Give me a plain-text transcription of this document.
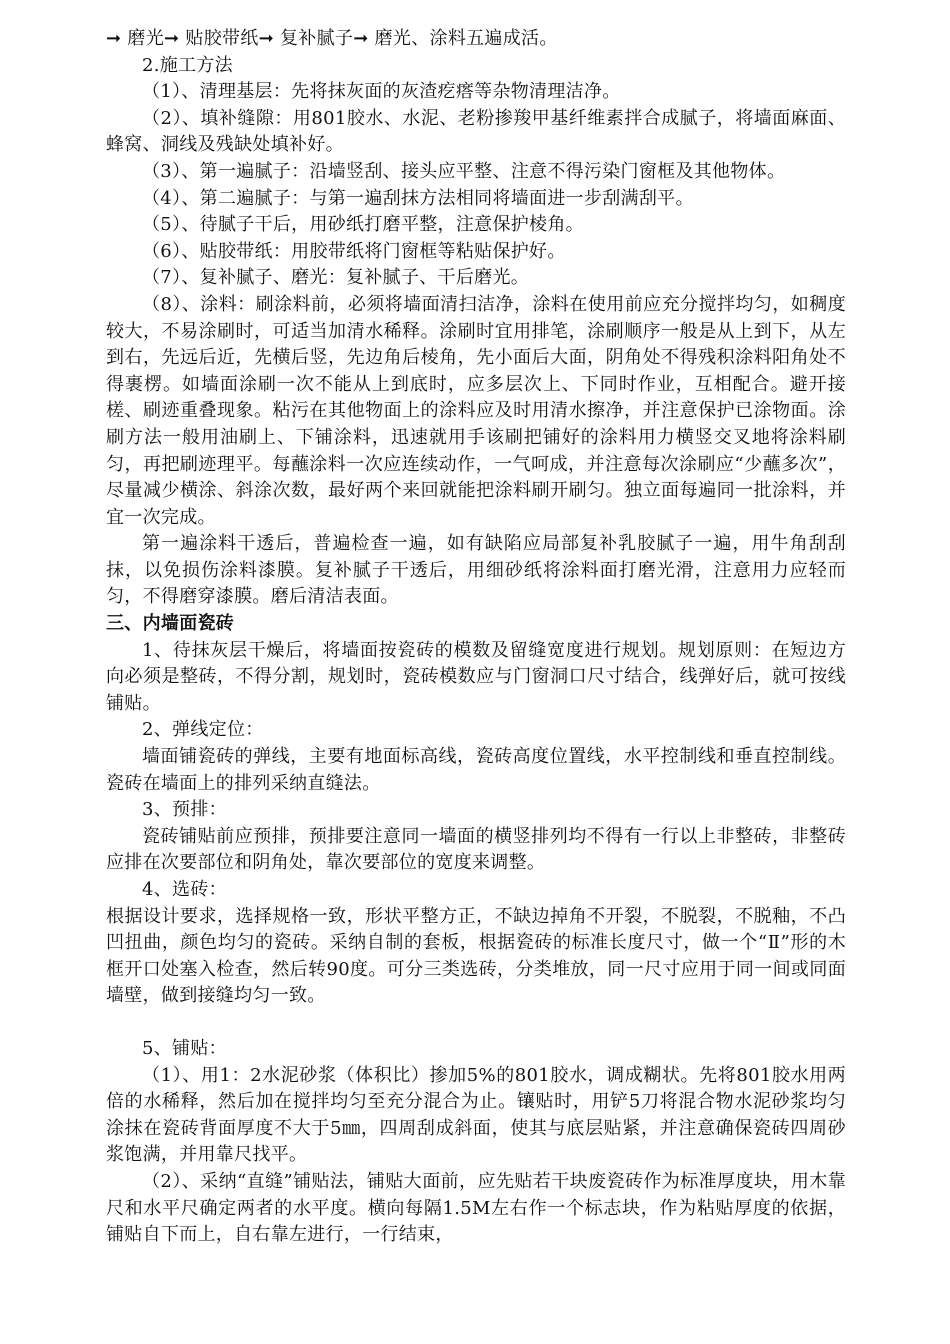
➞ 磨光➞ 贴胶带纸➞ 复补腻子➞ 磨光、涂料五遍成活。

2.施工方法

（1）、清理基层：先将抹灰面的灰渣疙瘩等杂物清理洁净。

（2）、填补缝隙：用801胶水、水泥、老粉掺羧甲基纤维素拌合成腻子，将墙面麻面、蜂窝、洞线及残缺处填补好。

（3）、第一遍腻子：沿墙竖刮、接头应平整、注意不得污染门窗框及其他物体。

（4）、第二遍腻子：与第一遍刮抹方法相同将墙面进一步刮满刮平。

（5）、待腻子干后，用砂纸打磨平整，注意保护棱角。

（6）、贴胶带纸：用胶带纸将门窗框等粘贴保护好。

（7）、复补腻子、磨光：复补腻子、干后磨光。

（8）、涂料：刷涂料前，必须将墙面清扫洁净，涂料在使用前应充分搅拌均匀，如稠度较大，不易涂刷时，可适当加清水稀释。涂刷时宜用排笔，涂刷顺序一般是从上到下，从左到右，先远后近，先横后竖，先边角后棱角，先小面后大面，阴角处不得残积涂料阳角处不得裹楞。如墙面涂刷一次不能从上到底时，应多层次上、下同时作业，互相配合。避开接槎、刷迹重叠现象。粘污在其他物面上的涂料应及时用清水擦净，并注意保护已涂物面。涂刷方法一般用油刷上、下铺涂料，迅速就用手该刷把铺好的涂料用力横竖交叉地将涂料刷匀，再把刷迹理平。每蘸涂料一次应连续动作，一气呵成，并注意每次涂刷应“少蘸多次”，尽量减少横涂、斜涂次数，最好两个来回就能把涂料刷开刷匀。独立面每遍同一批涂料，并宜一次完成。

第一遍涂料干透后，普遍检查一遍，如有缺陷应局部复补乳胶腻子一遍，用牛角刮刮抹，以免损伤涂料漆膜。复补腻子干透后，用细砂纸将涂料面打磨光滑，注意用力应轻而匀，不得磨穿漆膜。磨后清洁表面。

三、内墙面瓷砖

1、待抹灰层干燥后，将墙面按瓷砖的模数及留缝宽度进行规划。规划原则：在短边方向必须是整砖，不得分割，规划时，瓷砖模数应与门窗洞口尺寸结合，线弹好后，就可按线铺贴。

2、弹线定位：

墙面铺瓷砖的弹线，主要有地面标高线，瓷砖高度位置线，水平控制线和垂直控制线。瓷砖在墙面上的排列采纳直缝法。

3、预排：

瓷砖铺贴前应预排，预排要注意同一墙面的横竖排列均不得有一行以上非整砖，非整砖应排在次要部位和阴角处，靠次要部位的宽度来调整。

4、选砖：

根据设计要求，选择规格一致，形状平整方正，不缺边掉角不开裂，不脱裂，不脱釉，不凸凹扭曲，颜色均匀的瓷砖。采纳自制的套板，根据瓷砖的标准长度尺寸，做一个“Ⅱ”形的木框开口处塞入检查，然后转90度。可分三类选砖，分类堆放，同一尺寸应用于同一间或同面墙壁，做到接缝均匀一致。

5、铺贴：

（1）、用1：2水泥砂浆（体积比）掺加5%的801胶水，调成糊状。先将801胶水用两倍的水稀释，然后加在搅拌均匀至充分混合为止。镶贴时，用铲5刀将混合物水泥砂浆均匀涂抹在瓷砖背面厚度不大于5㎜，四周刮成斜面，使其与底层贴紧，并注意确保瓷砖四周砂浆饱满，并用靠尺找平。

（2）、采纳“直缝”铺贴法，铺贴大面前，应先贴若干块废瓷砖作为标准厚度块，用木靠尺和水平尺确定两者的水平度。横向每隔1.5M左右作一个标志块，作为粘贴厚度的依据，铺贴自下而上，自右靠左进行，一行结束，
